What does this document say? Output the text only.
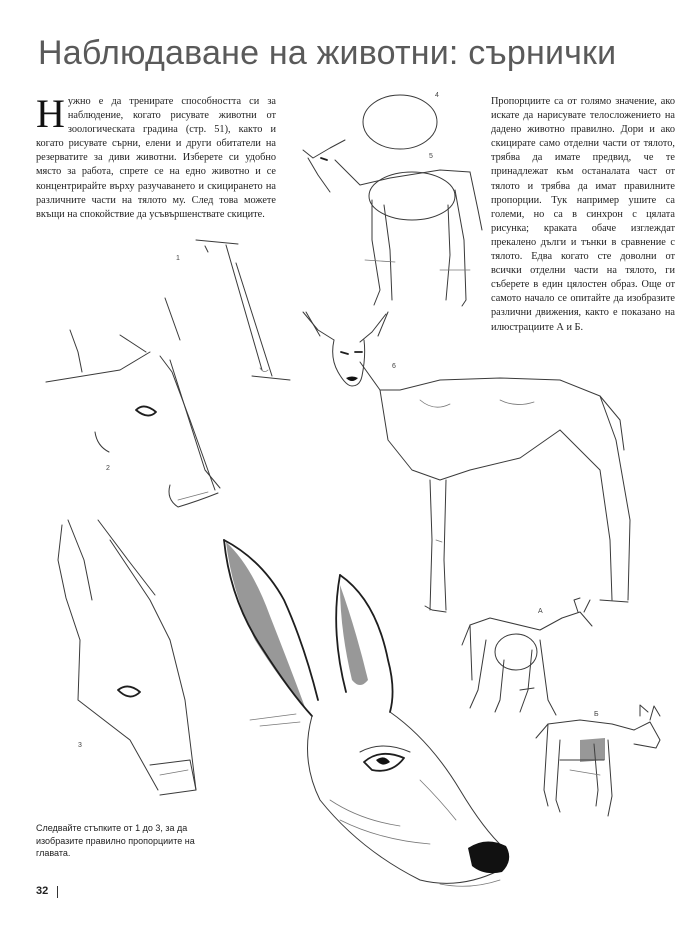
Наблюдаване на животни: сърнички

Нужно е да тренирате способността си за наблюдение, когато рисувате животни от зоологическата градина (стр. 51), както и когато рисувате сърни, елени и други обитатели на резерватите за диви животни. Изберете си удобно място за работа, спрете се на едно животно и се концентрирайте върху разучаването и скицирането на различните части на тялото му. След това можете вкъщи на спокойствие да усъвършенствате скиците.

Пропорциите са от голямо значение, ако искате да нарисувате телосложението на дадено животно правилно. Дори и ако скицирате само отделни части от тялото, трябва да имате предвид, че те принадлежат към останалата част от тялото и трябва да имат правилните пропорции. Тук например ушите са големи, но са в синхрон с цялата рисунка; краката обаче изглеждат прекалено дълги и тънки в сравнение с тялото. Едва когато сте доволни от всички отделни части на тялото, ги съберете в един цялостен образ. Още от самото начало се опитайте да изобразите различни движения, както е показано на илюстрациите А и Б.

1
2
3
4
5
6
А
Б

Следвайте стъпките от 1 до 3, за да изобразите правилно пропорциите на главата.

32
